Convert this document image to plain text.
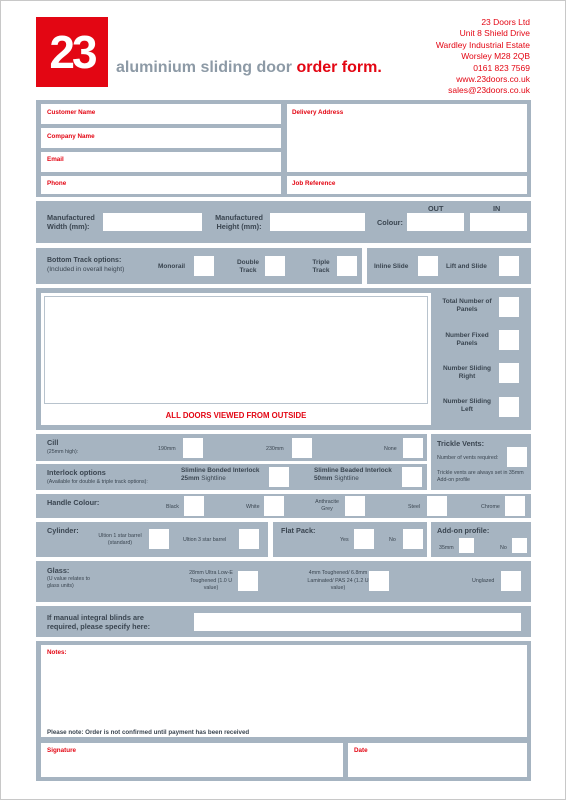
23	aluminium sliding door order form.
23 Doors Ltd
Unit 8 Shield Drive
Wardley Industrial Estate
Worsley M28 2QB
0161 823 7569
www.23doors.co.uk
sales@23doors.co.uk
Customer Name
Company Name
Email
Phone
Delivery Address
Job Reference
Manufactured Width (mm):
Manufactured Height (mm):	Colour:
OUT	IN
Bottom Track options:
(Included in overall height)	Monorail
Double Track
Triple Track
Inline Slide	Lift and Slide
ALL DOORS VIEWED FROM OUTSIDE
Total Number of Panels
Number Fixed Panels
Number Sliding Right
Number Sliding Left
Cill
(25mm high):	190mm	230mm	None
Trickle Vents:
Number of vents required:
Trickle vents are always set in 35mm Add-on profile
Interlock options
(Available for double & triple track options):
Slimline Bonded Interlock
25mm Sightline
Slimline Beaded Interlock
50mm Sightline
Handle Colour:	Black	White
Anthracite Grey	Steel	Chrome
Cylinder:
Ultion 1 star barrel (standard)	Ultion 3 star barrel
Flat Pack:
Yes	No
Add-on profile:
35mm	No
Glass:
(U value relates to glass units)
28mm Ultra Low-E Toughened (1.0 U value)
4mm Toughened/ 6.8mm Laminated/ PAS 24 (1.2 U value)
Unglazed
If manual integral blinds are required, please specify here:
Notes:
Please note: Order is not confirmed until payment has been received
Signature	Date
